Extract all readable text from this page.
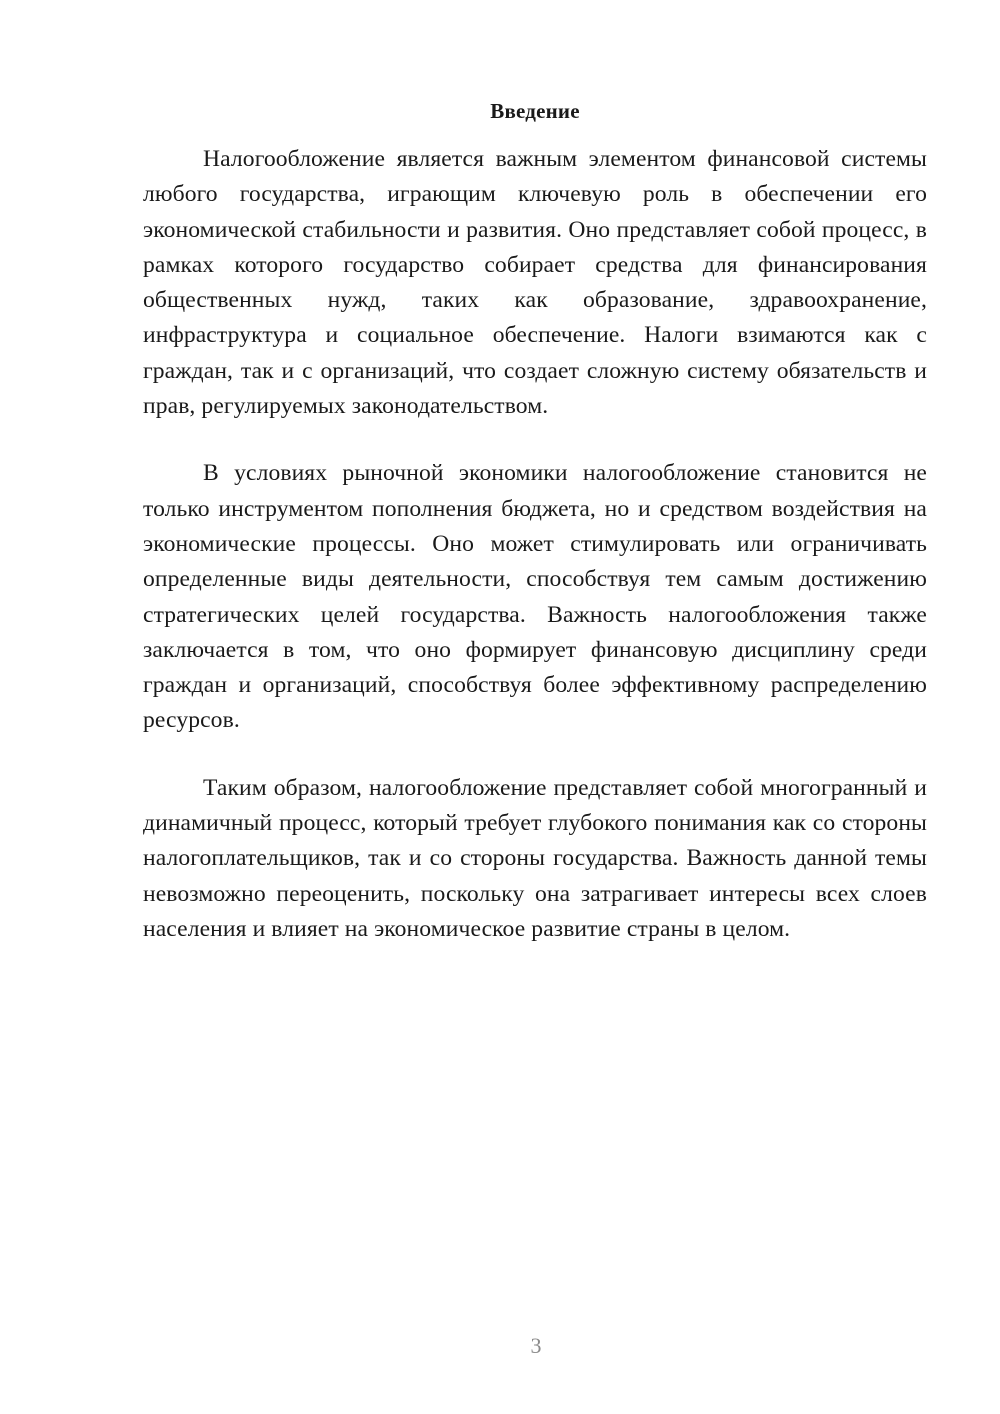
Введение

Налогообложение является важным элементом финансовой системы любого государства, играющим ключевую роль в обеспечении его экономической стабильности и развития. Оно представляет собой процесс, в рамках которого государство собирает средства для финансирования общественных нужд, таких как образование, здравоохранение, инфраструктура и социальное обеспечение. Налоги взимаются как с граждан, так и с организаций, что создает сложную систему обязательств и прав, регулируемых законодательством.

В условиях рыночной экономики налогообложение становится не только инструментом пополнения бюджета, но и средством воздействия на экономические процессы. Оно может стимулировать или ограничивать определенные виды деятельности, способствуя тем самым достижению стратегических целей государства. Важность налогообложения также заключается в том, что оно формирует финансовую дисциплину среди граждан и организаций, способствуя более эффективному распределению ресурсов.

Таким образом, налогообложение представляет собой многогранный и динамичный процесс, который требует глубокого понимания как со стороны налогоплательщиков, так и со стороны государства. Важность данной темы невозможно переоценить, поскольку она затрагивает интересы всех слоев населения и влияет на экономическое развитие страны в целом.

3
